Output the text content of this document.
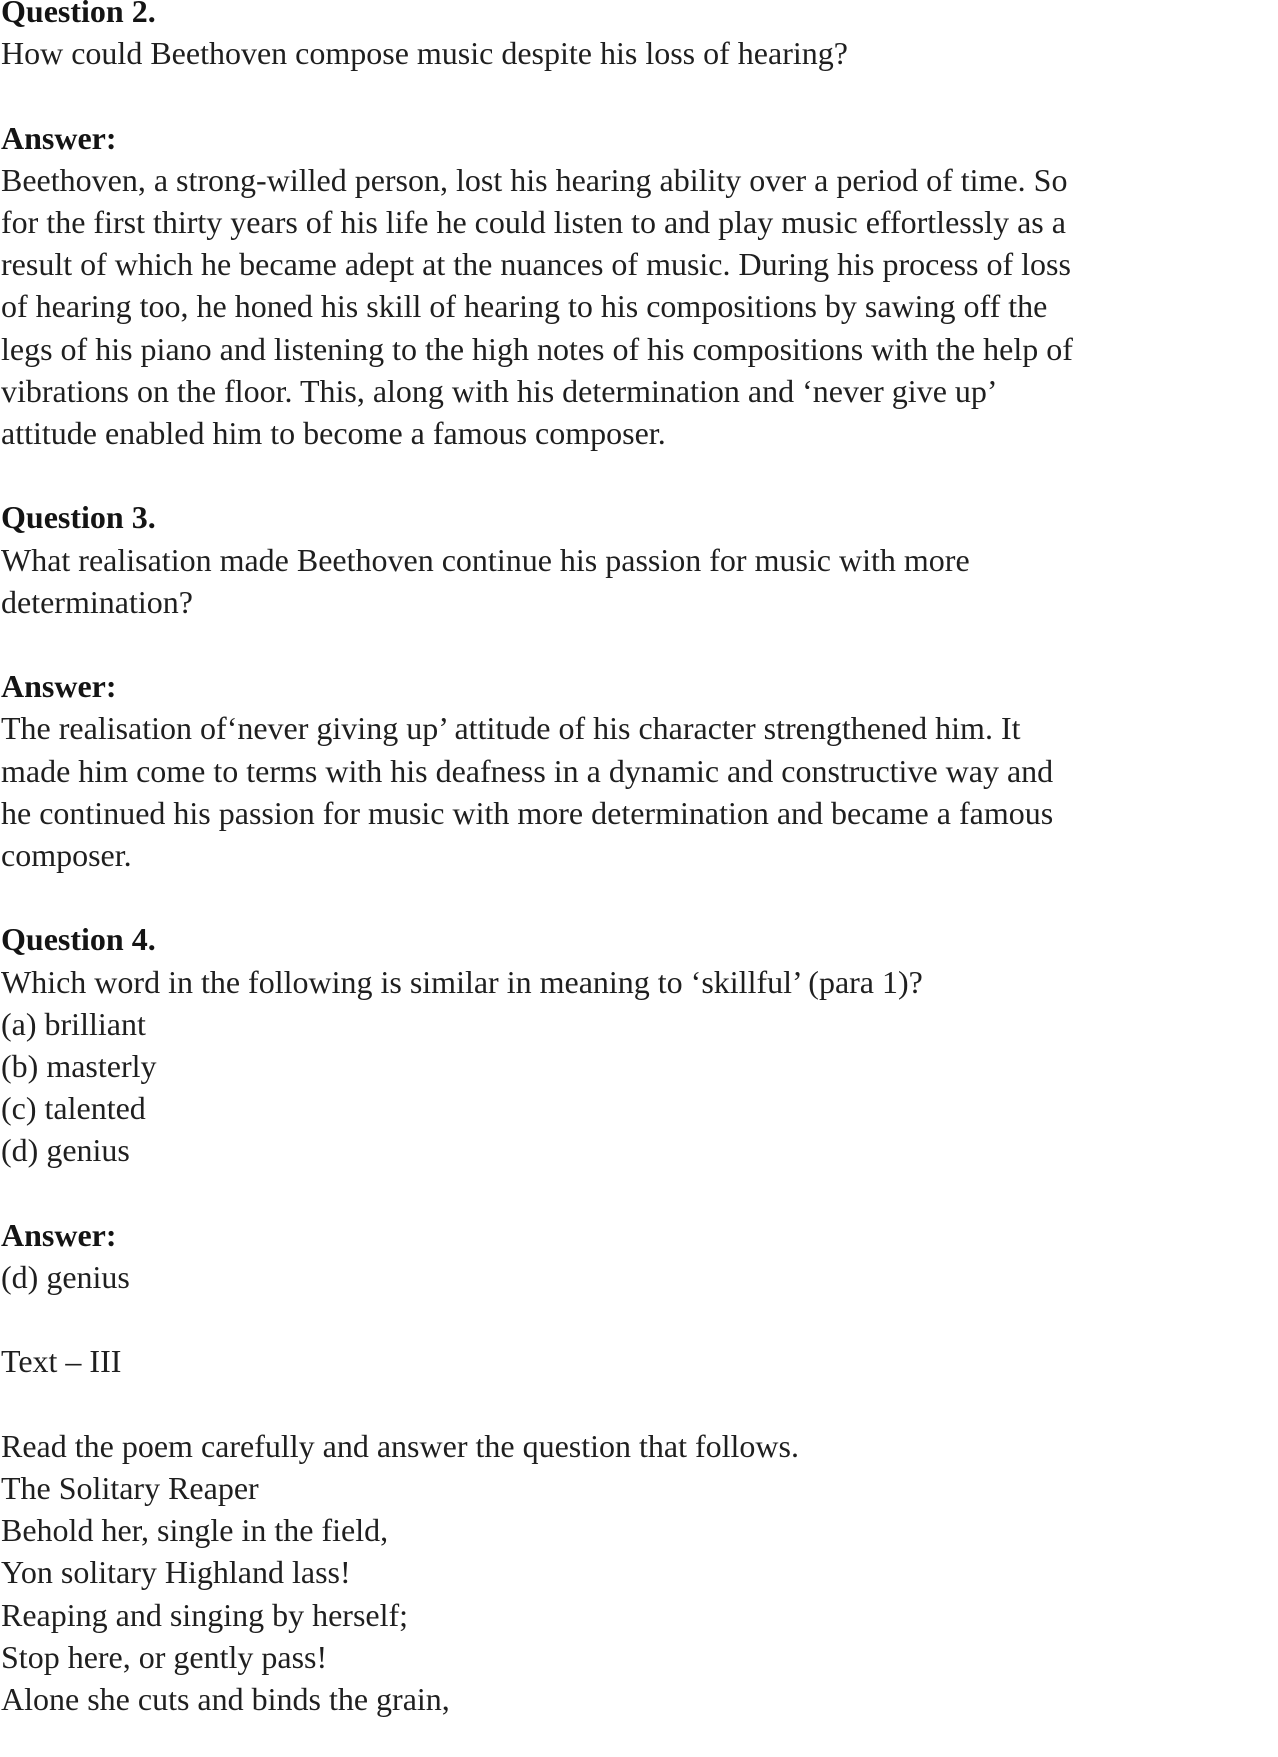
Question 2.
How could Beethoven compose music despite his loss of hearing?
Answer:
Beethoven, a strong-willed person, lost his hearing ability over a period of time. So
for the first thirty years of his life he could listen to and play music effortlessly as a
result of which he became adept at the nuances of music. During his process of loss
of hearing too, he honed his skill of hearing to his compositions by sawing off the
legs of his piano and listening to the high notes of his compositions with the help of
vibrations on the floor. This, along with his determination and ‘never give up’
attitude enabled him to become a famous composer.
Question 3.
What realisation made Beethoven continue his passion for music with more
determination?
Answer:
The realisation of‘never giving up’ attitude of his character strengthened him. It
made him come to terms with his deafness in a dynamic and constructive way and
he continued his passion for music with more determination and became a famous
composer.
Question 4.
Which word in the following is similar in meaning to ‘skillful’ (para 1)?
(a) brilliant
(b) masterly
(c) talented
(d) genius
Answer:
(d) genius
Text – III
Read the poem carefully and answer the question that follows.
The Solitary Reaper
Behold her, single in the field,
Yon solitary Highland lass!
Reaping and singing by herself;
Stop here, or gently pass!
Alone she cuts and binds the grain,
